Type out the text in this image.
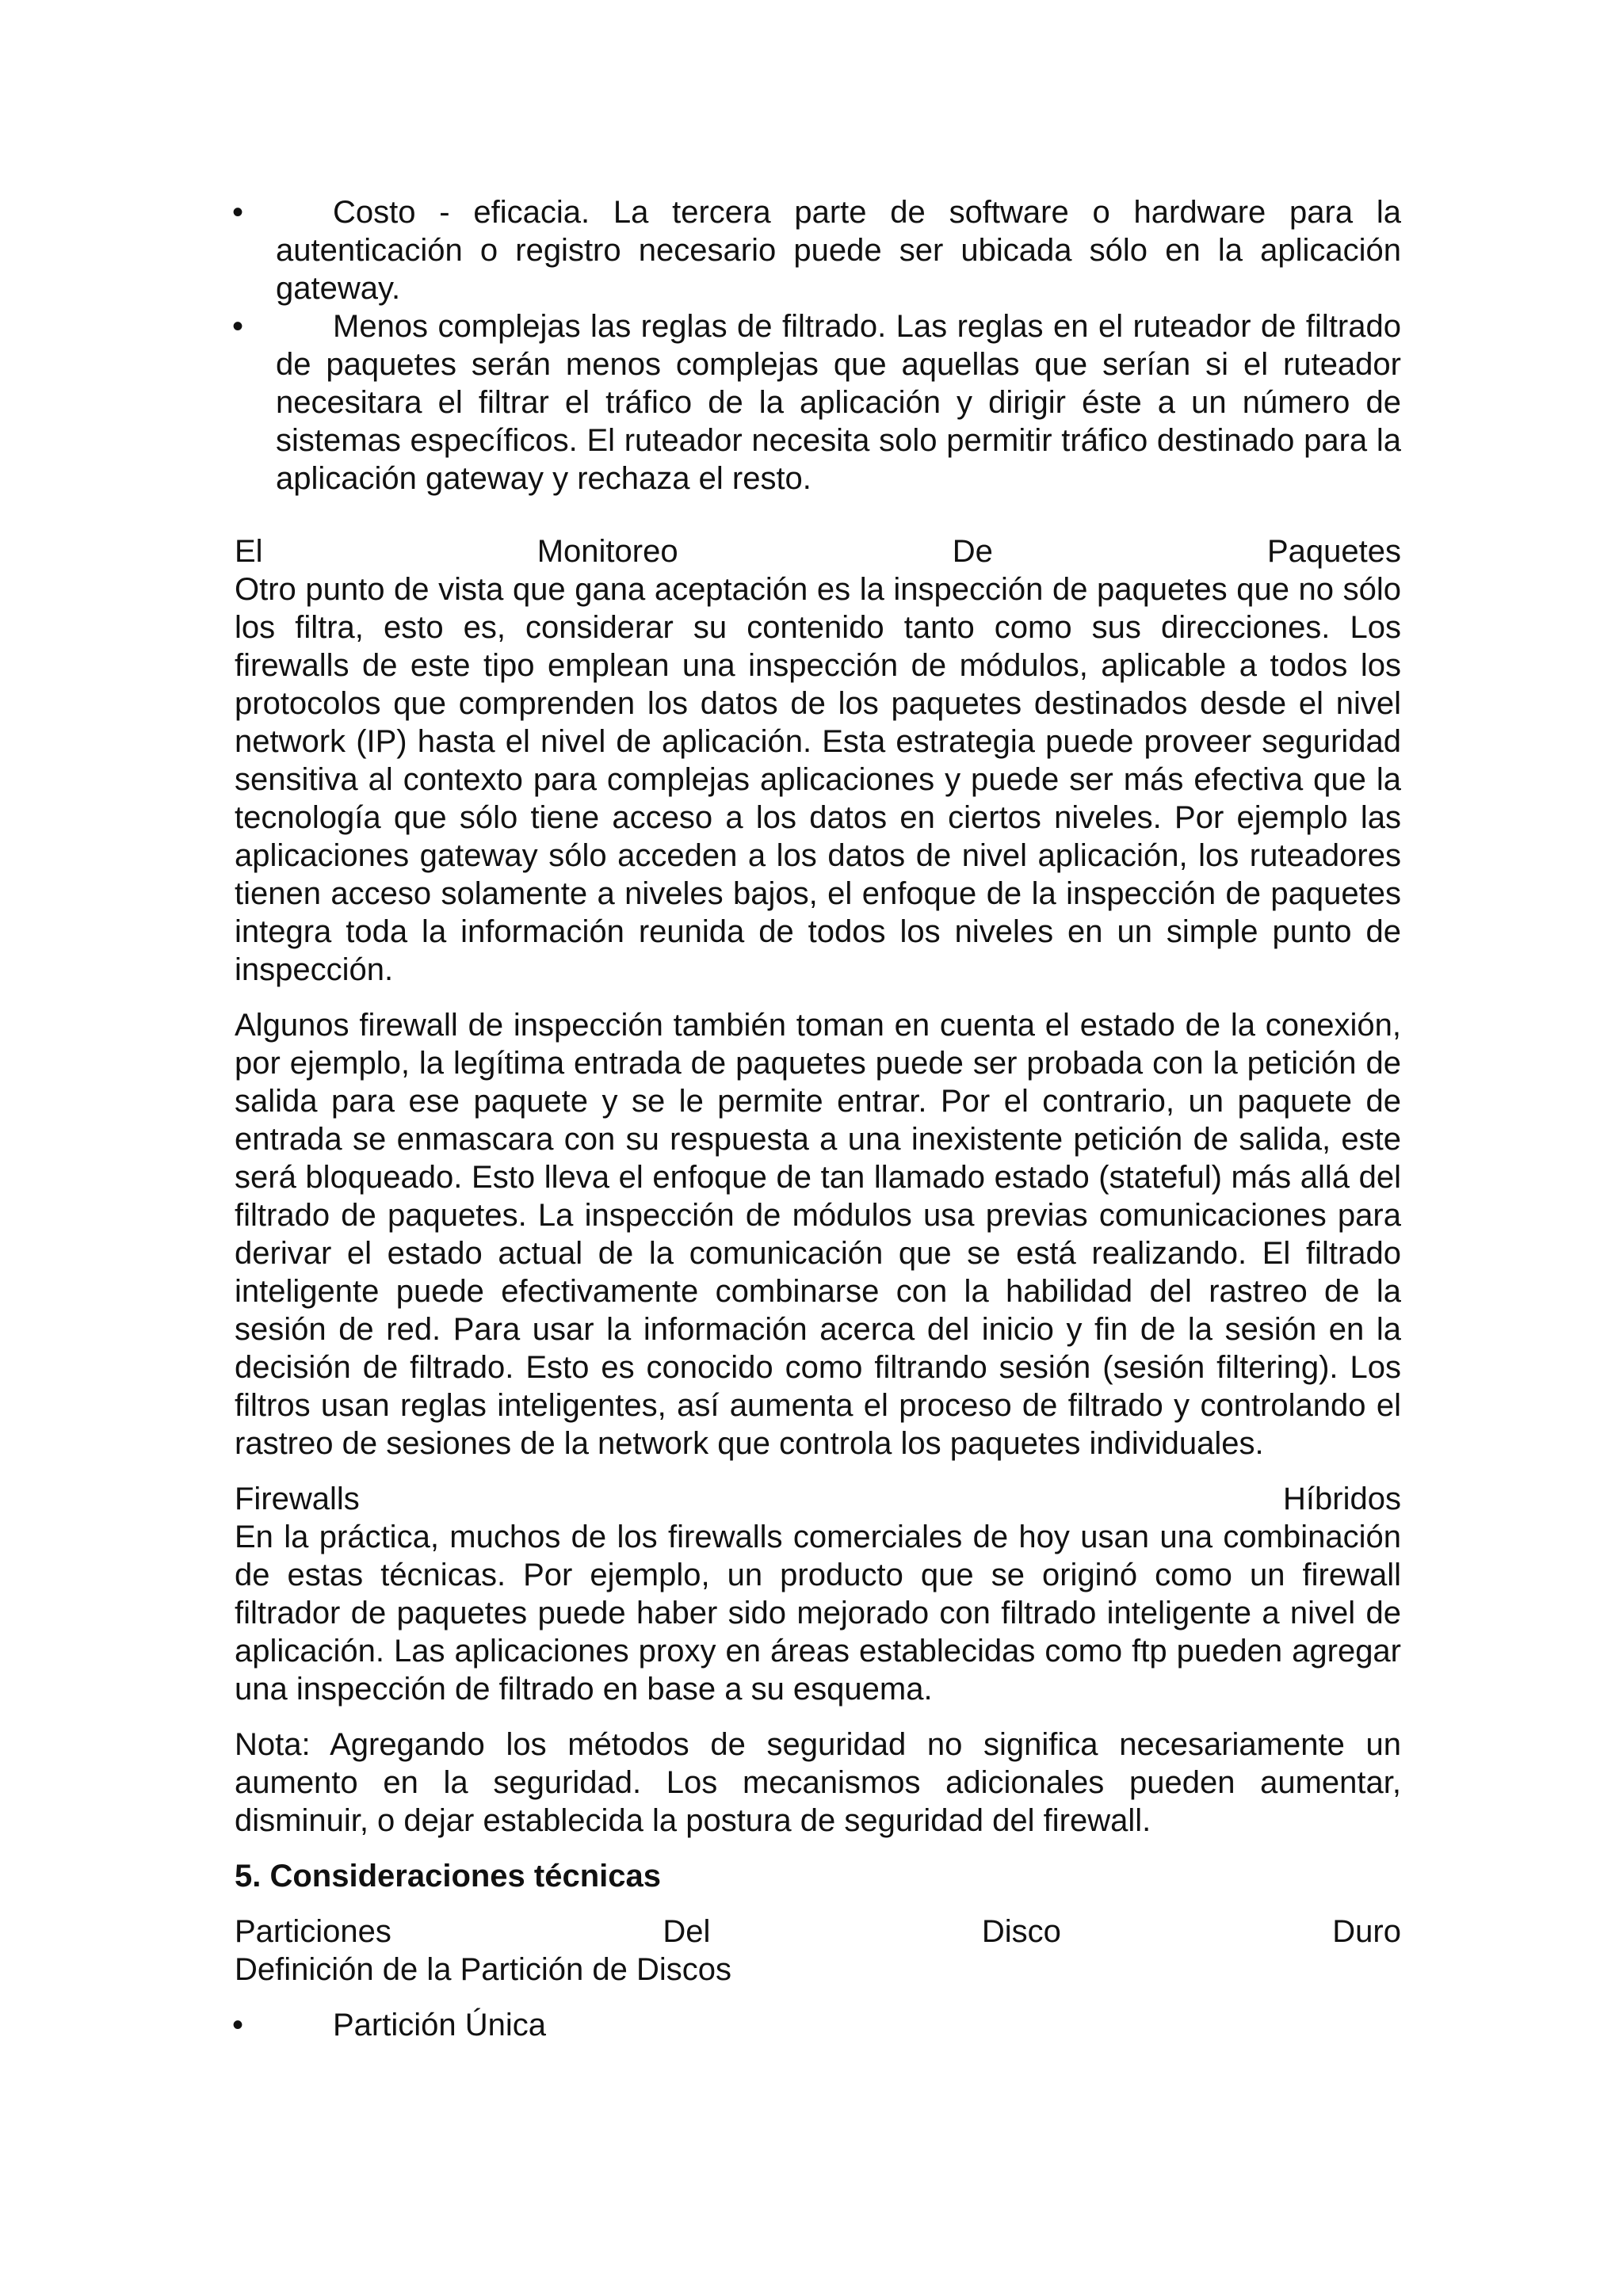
•	Costo - eficacia. La tercera parte de software o hardware para la autenticación o registro necesario puede ser ubicada sólo en la aplicación gateway.
•	Menos complejas las reglas de filtrado. Las reglas en el ruteador de filtrado de paquetes serán menos complejas que aquellas que serían si el ruteador necesitara el filtrar el tráfico de la aplicación y dirigir éste a un número de sistemas específicos. El ruteador necesita solo permitir tráfico destinado para la aplicación gateway y rechaza el resto.
El	Monitoreo	De	Paquetes

Otro punto de vista que gana aceptación es la inspección de paquetes que no sólo los filtra, esto es, considerar su contenido tanto como sus direcciones. Los firewalls de este tipo emplean una inspección de módulos, aplicable a todos los protocolos que comprenden los datos de los paquetes destinados desde el nivel network (IP) hasta el nivel de aplicación. Esta estrategia puede proveer seguridad sensitiva al contexto para complejas aplicaciones y puede ser más efectiva que la tecnología que sólo tiene acceso a los datos en ciertos niveles. Por ejemplo las aplicaciones gateway sólo acceden a los datos de nivel aplicación, los ruteadores tienen acceso solamente a niveles bajos, el enfoque de la inspección de paquetes integra toda la información reunida de todos los niveles en un simple punto de inspección.

Algunos firewall de inspección también toman en cuenta el estado de la conexión, por ejemplo, la legítima entrada de paquetes puede ser probada con la petición de salida para ese paquete y se le permite entrar. Por el contrario, un paquete de entrada se enmascara con su respuesta a una inexistente petición de salida, este será bloqueado. Esto lleva el enfoque de tan llamado estado (stateful) más allá del filtrado de paquetes. La inspección de módulos usa previas comunicaciones para derivar el estado actual de la comunicación que se está realizando. El filtrado inteligente puede efectivamente combinarse con la habilidad del rastreo de la sesión de red. Para usar la información acerca del inicio y fin de la sesión en la decisión de filtrado. Esto es conocido como filtrando sesión (sesión filtering). Los filtros usan reglas inteligentes, así aumenta el proceso de filtrado y controlando el rastreo de sesiones de la network que controla los paquetes individuales.

Firewalls	Híbridos

En la práctica, muchos de los firewalls comerciales de hoy usan una combinación de estas técnicas. Por ejemplo, un producto que se originó como un firewall filtrador de paquetes puede haber sido mejorado con filtrado inteligente a nivel de aplicación. Las aplicaciones proxy en áreas establecidas como ftp pueden agregar una inspección de filtrado en base a su esquema.

Nota: Agregando los métodos de seguridad no significa necesariamente un aumento en la seguridad. Los mecanismos adicionales pueden aumentar, disminuir, o dejar establecida la postura de seguridad del firewall.

5. Consideraciones técnicas

Particiones	Del	Disco	Duro

Definición de la Partición de Discos

•	Partición Única
